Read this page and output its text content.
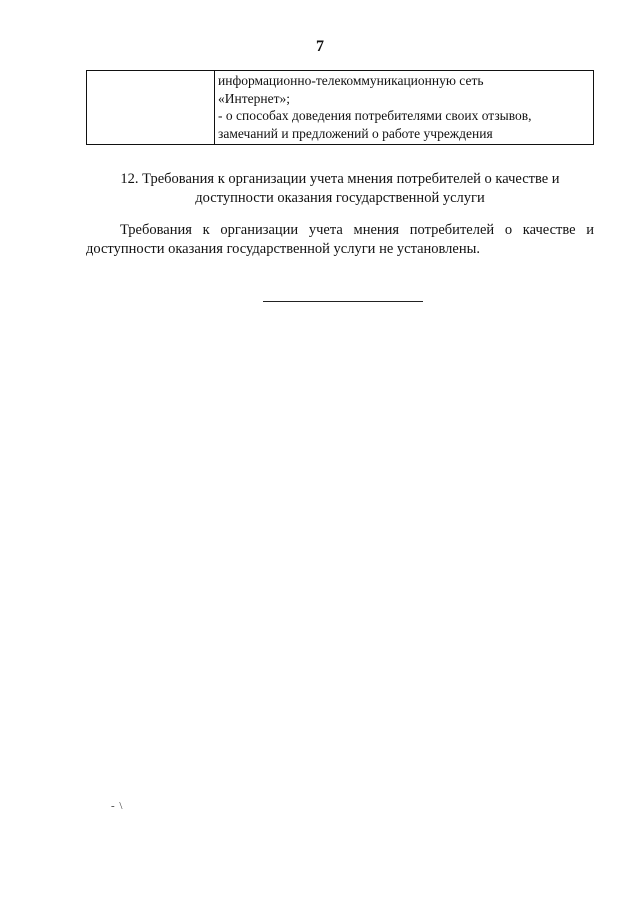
7

информационно-телекоммуникационную сеть
«Интернет»;
- о способах доведения потребителями своих отзывов,
замечаний и предложений о работе учреждения
12. Требования к организации учета мнения потребителей о качестве и
доступности оказания государственной услуги
Требования к организации учета мнения потребителей о качестве и
доступности оказания государственной услуги не установлены.
- \
